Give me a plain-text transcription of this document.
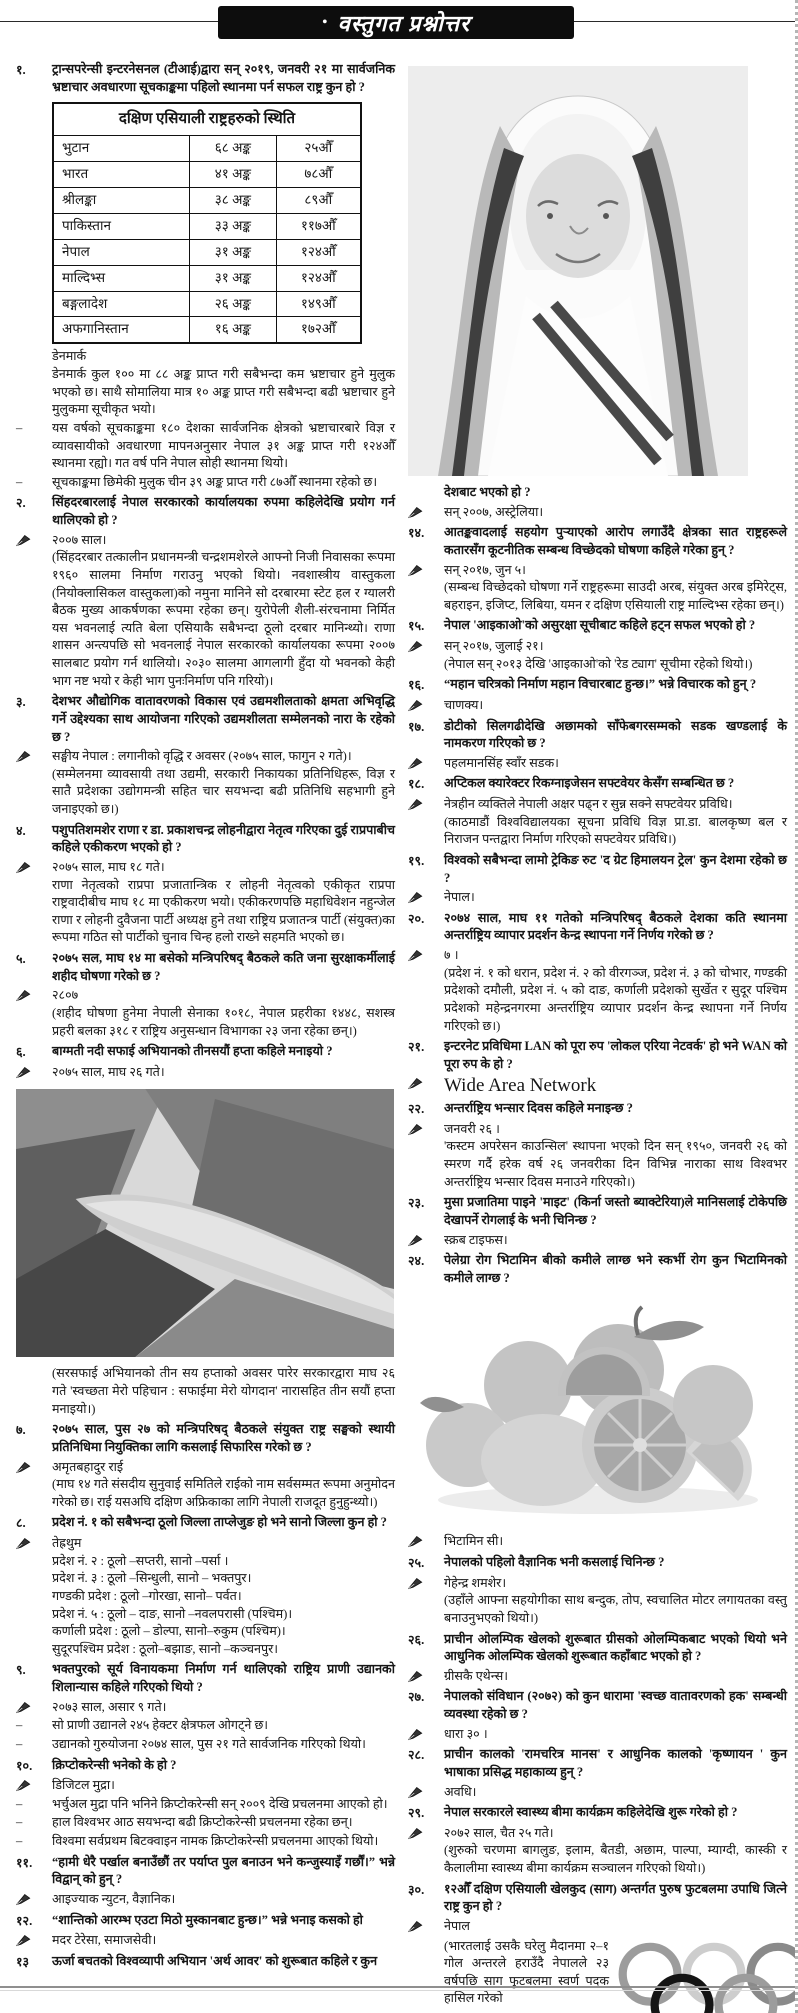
• वस्तुगत प्रश्नोत्तर
१.	ट्रान्सपरेन्सी इन्टरनेसनल (टीआई)द्वारा सन् २०१९, जनवरी २१ मा सार्वजनिक भ्रष्टाचार अवधारणा सूचकाङ्कमा पहिलो स्थानमा पर्न सफल राष्ट्र कुन हो ?
दक्षिण एसियाली राष्ट्रहरुको स्थिति		
भुटान	६८ अङ्क	२५औँ
भारत	४१ अङ्क	७८औँ
श्रीलङ्का	३८ अङ्क	८९औँ
पाकिस्तान	३३ अङ्क	११७औँ
नेपाल	३१ अङ्क	१२४औँ
माल्दिभ्स	३१ अङ्क	१२४औँ
बङ्गलादेश	२६ अङ्क	१४९औँ
अफगानिस्तान	१६ अङ्क	१७२औँ
डेनमार्क
डेनमार्क कुल १०० मा ८८ अङ्क प्राप्त गरी सबैभन्दा कम भ्रष्टाचार हुने मुलुक भएको छ। साथै सोमालिया मात्र १० अङ्क प्राप्त गरी सबैभन्दा बढी भ्रष्टाचार हुने मुलुकमा सूचीकृत भयो।
–	यस वर्षको सूचकाङ्कमा १८० देशका सार्वजनिक क्षेत्रको भ्रष्टाचारबारे विज्ञ र व्यावसायीको अवधारणा मापनअनुसार नेपाल ३१ अङ्क प्राप्त गरी १२४औँ स्थानमा रह्यो। गत वर्ष पनि नेपाल सोही स्थानमा थियो।
–	सूचकाङ्कमा छिमेकी मुलुक चीन ३९ अङ्क प्राप्त गरी ८७औँ स्थानमा रहेको छ।
२.	सिंहदरबारलाई नेपाल सरकारको कार्यालयका रुपमा कहिलेदेखि प्रयोग गर्न थालिएको हो ?
२००७ साल।
(सिंहदरबार तत्कालीन प्रधानमन्त्री चन्द्रशमशेरले आफ्नो निजी निवासका रूपमा १९६० सालमा निर्माण गराउनु भएको थियो। नवशास्त्रीय वास्तुकला (नियोक्लासिकल वास्तुकला)को नमुना मानिने सो दरबारमा स्टेट हल र ग्यालरी बैठक मुख्य आकर्षणका रूपमा रहेका छन्। युरोपेली शैली-संरचनामा निर्मित यस भवनलाई त्यति बेला एसियाकै सबैभन्दा ठूलो दरबार मानिन्थ्यो। राणा शासन अन्त्यपछि सो भवनलाई नेपाल सरकारको कार्यालयका रूपमा २००७ सालबाट प्रयोग गर्न थालियो। २०३० सालमा आगलागी हुँदा यो भवनको केही भाग नष्ट भयो र केही भाग पुनःनिर्माण पनि गरियो)।
३.	देशभर औद्योगिक वातावरणको विकास एवं उद्यमशीलताको क्षमता अभिवृद्धि गर्ने उद्देश्यका साथ आयोजना गरिएको उद्यमशीलता सम्मेलनको नारा के रहेको छ ?
सङ्घीय नेपाल : लगानीको वृद्धि र अवसर (२०७५ साल, फागुन २ गते)।
(सम्मेलनमा व्यावसायी तथा उद्यमी, सरकारी निकायका प्रतिनिधिहरू, विज्ञ र सातै प्रदेशका उद्योगमन्त्री सहित चार सयभन्दा बढी प्रतिनिधि सहभागी हुने जनाइएको छ।)
४.	पशुपतिशमशेर राणा र डा. प्रकाशचन्द्र लोहनीद्वारा नेतृत्व गरिएका दुई राप्रपाबीच कहिले एकीकरण भएको हो ?
२०७५ साल, माघ १८ गते।
राणा नेतृत्वको राप्रपा प्रजातान्त्रिक र लोहनी नेतृत्वको एकीकृत राप्रपा राष्ट्रवादीबीच माघ १८ मा एकीकरण भयो। एकीकरणपछि महाधिवेशन नहुन्जेल राणा र लोहनी दुवैजना पार्टी अध्यक्ष हुने तथा राष्ट्रिय प्रजातन्त्र पार्टी (संयुक्त)का रूपमा गठित सो पार्टीको चुनाव चिन्ह हलो राख्ने सहमति भएको छ।
५.	२०७५ सल, माघ १४ मा बसेको मन्त्रिपरिषद् बैठकले कति जना सुरक्षाकर्मीलाई शहीद घोषणा गरेको छ ?
२८०७
(शहीद घोषणा हुनेमा नेपाली सेनाका १०१८, नेपाल प्रहरीका १४४८, सशस्त्र प्रहरी बलका ३१८ र राष्ट्रिय अनुसन्धान विभागका २३ जना रहेका छन्।)
६.	बाग्मती नदी सफाई अभियानको तीनसयौं हप्ता कहिले मनाइयो ?
२०७५ साल, माघ २६ गते।
(सरसफाई अभियानको तीन सय हप्ताको अवसर पारेर सरकारद्वारा माघ २६ गते 'स्वच्छता मेरो पहिचान : सफाईमा मेरो योगदान' नारासहित तीन सयौं हप्ता मनाइयो।)
७.	२०७५ साल, पुस २७ को मन्त्रिपरिषद् बैठकले संयुक्त राष्ट्र सङ्घको स्थायी प्रतिनिधिमा नियुक्तिका लागि कसलाई सिफारिस गरेको छ ?
अमृतबहादुर राई
(माघ १४ गते संसदीय सुनुवाई समितिले राईको नाम सर्वसम्मत रूपमा अनुमोदन गरेको छ। राई यसअघि दक्षिण अफ्रिकाका लागि नेपाली राजदूत हुनुहुन्थ्यो।)
८.	प्रदेश नं. १ को सबैभन्दा ठूलो जिल्ला ताप्लेजुङ हो भने सानो जिल्ला कुन हो ?
तेह्रथुम
प्रदेश नं. २ : ठूलो –सप्तरी, सानो –पर्सा ।
प्रदेश नं. ३ : ठूलो –सिन्धुली, सानो – भक्तपुर।
गण्डकी प्रदेश : ठूलो –गोरखा, सानो– पर्वत।
प्रदेश नं. ५ : ठूलो – दाङ, सानो –नवलपरासी (पश्चिम)।
कर्णाली प्रदेश : ठूलो – डोल्पा, सानो–रुकुम (पश्चिम)।
सुदूरपश्चिम प्रदेश : ठूलो–बझाङ, सानो –कञ्चनपुर।
९.	भक्तपुरको सूर्य विनायकमा निर्माण गर्न थालिएको राष्ट्रिय प्राणी उद्यानको शिलान्यास कहिले गरिएको थियो ?
२०७३ साल, असार ९ गते।
–	सो प्राणी उद्यानले २४५ हेक्टर क्षेत्रफल ओगट्ने छ।
–	उद्यानको गुरुयोजना २०७४ साल, पुस २१ गते सार्वजनिक गरिएको थियो।
१०.	क्रिप्टोकरेन्सी भनेको के हो ?
डिजिटल मुद्रा।
–	भर्चुअल मुद्रा पनि भनिने क्रिप्टोकरेन्सी सन् २००९ देखि प्रचलनमा आएको हो।
–	हाल विश्वभर आठ सयभन्दा बढी क्रिप्टोकरेन्सी प्रचलनमा रहेका छन्।
–	विश्वमा सर्वप्रथम बिटक्वाइन नामक क्रिप्टोकरेन्सी प्रचलनमा आएको थियो।
११.	“हामी धेरै पर्खाल बनाउँछौं तर पर्याप्त पुल बनाउन भने कन्जुस्याइँ गर्छौं।” भन्ने विद्वान् को हुन् ?
आइज्याक न्युटन, वैज्ञानिक।
१२.	“शान्तिको आरम्भ एउटा मिठो मुस्कानबाट हुन्छ।” भन्ने भनाइ कसको हो
मदर टेरेसा, समाजसेवी।
१३	ऊर्जा बचतको विश्वव्यापी अभियान 'अर्थ आवर' को शुरूबात कहिले र कुन
देशबाट भएको हो ?
सन् २००७, अस्ट्रेलिया।
१४.	आतङ्कवादलाई सहयोग पुर्‍याएको आरोप लगाउँदै क्षेत्रका सात राष्ट्रहरूले कतारसँग कूटनीतिक सम्बन्ध विच्छेदको घोषणा कहिले गरेका हुन् ?
सन् २०१७, जुन ५।
(सम्बन्ध विच्छेदको घोषणा गर्ने राष्ट्रहरूमा साउदी अरब, संयुक्त अरब इमिरेट्स, बहराइन, इजिप्ट, लिबिया, यमन र दक्षिण एसियाली राष्ट्र माल्दिभ्स रहेका छन्।)
१५.	नेपाल 'आइकाओ'को असुरक्षा सूचीबाट कहिले हट्न सफल भएको हो ?
सन् २०१७, जुलाई २१।
(नेपाल सन् २०१३ देखि 'आइकाओ'को 'रेड ट्याग' सूचीमा रहेको थियो।)
१६.	“महान चरित्रको निर्माण महान विचारबाट हुन्छ।” भन्ने विचारक को हुन् ?
चाणक्य।
१७.	डोटीको सिलगढीदेखि अछामको साँफेबगरसम्मको सडक खण्डलाई के नामकरण गरिएको छ ?
पहलमानसिंह स्वाँर सडक।
१८.	अप्टिकल क्यारेक्टर रिकग्नाइजेसन सफ्टवेयर केसँग सम्बन्धित छ ?
नेत्रहीन व्यक्तिले नेपाली अक्षर पढ्न र सुन्न सक्ने सफ्टवेयर प्रविधि।
(काठमाडौं विश्वविद्यालयका सूचना प्रविधि विज्ञ प्रा.डा. बालकृष्ण बल र निराजन पन्तद्वारा निर्माण गरिएको सफ्टवेयर प्रविधि।)
१९.	विश्वको सबैभन्दा लामो ट्रेकिङ रुट 'द ग्रेट हिमालयन ट्रेल' कुन देशमा रहेको छ ?
नेपाल।
२०.	२०७४ साल, माघ ११ गतेको मन्त्रिपरिषद् बैठकले देशका कति स्थानमा अन्तर्राष्ट्रिय व्यापार प्रदर्शन केन्द्र स्थापना गर्ने निर्णय गरेको छ ?
७ ।
(प्रदेश नं. १ को धरान, प्रदेश नं. २ को वीरगञ्ज, प्रदेश नं. ३ को चोभार, गण्डकी प्रदेशको दमौली, प्रदेश नं. ५ को दाङ, कर्णाली प्रदेशको सुर्खेत र सुदूर पश्चिम प्रदेशको महेन्द्रनगरमा अन्तर्राष्ट्रिय व्यापार प्रदर्शन केन्द्र स्थापना गर्ने निर्णय गरिएको छ।)
२१.	इन्टरनेट प्रविधिमा LAN को पूरा रुप 'लोकल एरिया नेटवर्क' हो भने WAN को पूरा रुप के हो ?
Wide Area Network
२२.	अन्तर्राष्ट्रिय भन्सार दिवस कहिले मनाइन्छ ?
जनवरी २६ ।
'कस्टम अपरेसन काउन्सिल' स्थापना भएको दिन सन् १९५०, जनवरी २६ को स्मरण गर्दै हरेक वर्ष २६ जनवरीका दिन विभिन्न नाराका साथ विश्वभर अन्तर्राष्ट्रिय भन्सार दिवस मनाउने गरिएको।)
२३.	मुसा प्रजातिमा पाइने 'माइट' (किर्ना जस्तो ब्याक्टेरिया)ले मानिसलाई टोकेपछि देखापर्ने रोगलाई के भनी चिनिन्छ ?
स्क्रब टाइफस।
२४.	पेलेग्रा रोग भिटामिन बीको कमीले लाग्छ भने स्कर्भी रोग कुन भिटामिनको कमीले लाग्छ ?
भिटामिन सी।
२५.	नेपालको पहिलो वैज्ञानिक भनी कसलाई चिनिन्छ ?
गेहेन्द्र शमशेर।
(उहाँले आफ्ना सहयोगीका साथ बन्दुक, तोप, स्वचालित मोटर लगायतका वस्तु बनाउनुभएको थियो।)
२६.	प्राचीन ओलम्पिक खेलको शुरूबात ग्रीसको ओलम्पिकबाट भएको थियो भने आधुनिक ओलम्पिक खेलको शुरूबात कहाँबाट भएको हो ?
ग्रीसकै एथेन्स।
२७.	नेपालको संविधान (२०७२) को कुन धारामा 'स्वच्छ वातावरणको हक' सम्बन्धी व्यवस्था रहेको छ ?
धारा ३० ।
२८.	प्राचीन कालको 'रामचरित्र मानस' र आधुनिक कालको 'कृष्णायन ' कुन भाषाका प्रसिद्ध महाकाव्य हुन् ?
अवधि।
२९.	नेपाल सरकारले स्वास्थ्य बीमा कार्यक्रम कहिलेदेखि शुरू गरेको हो ?
२०७२ साल, चैत २५ गते।
(शुरुको चरणमा बागलुङ, इलाम, बैतडी, अछाम, पाल्पा, म्याग्दी, कास्की र कैलालीमा स्वास्थ्य बीमा कार्यक्रम सञ्चालन गरिएको थियो।)
३०.	१२औँ दक्षिण एसियाली खेलकुद (साग) अन्तर्गत पुरुष फुटबलमा उपाधि जित्ने राष्ट्र कुन हो ?
नेपाल
(भारतलाई उसकै घरेलु मैदानमा २–१ गोल अन्तरले हराउँदै नेपालले २३ वर्षपछि साग फुटबलमा स्वर्ण पदक हासिल गरेको
